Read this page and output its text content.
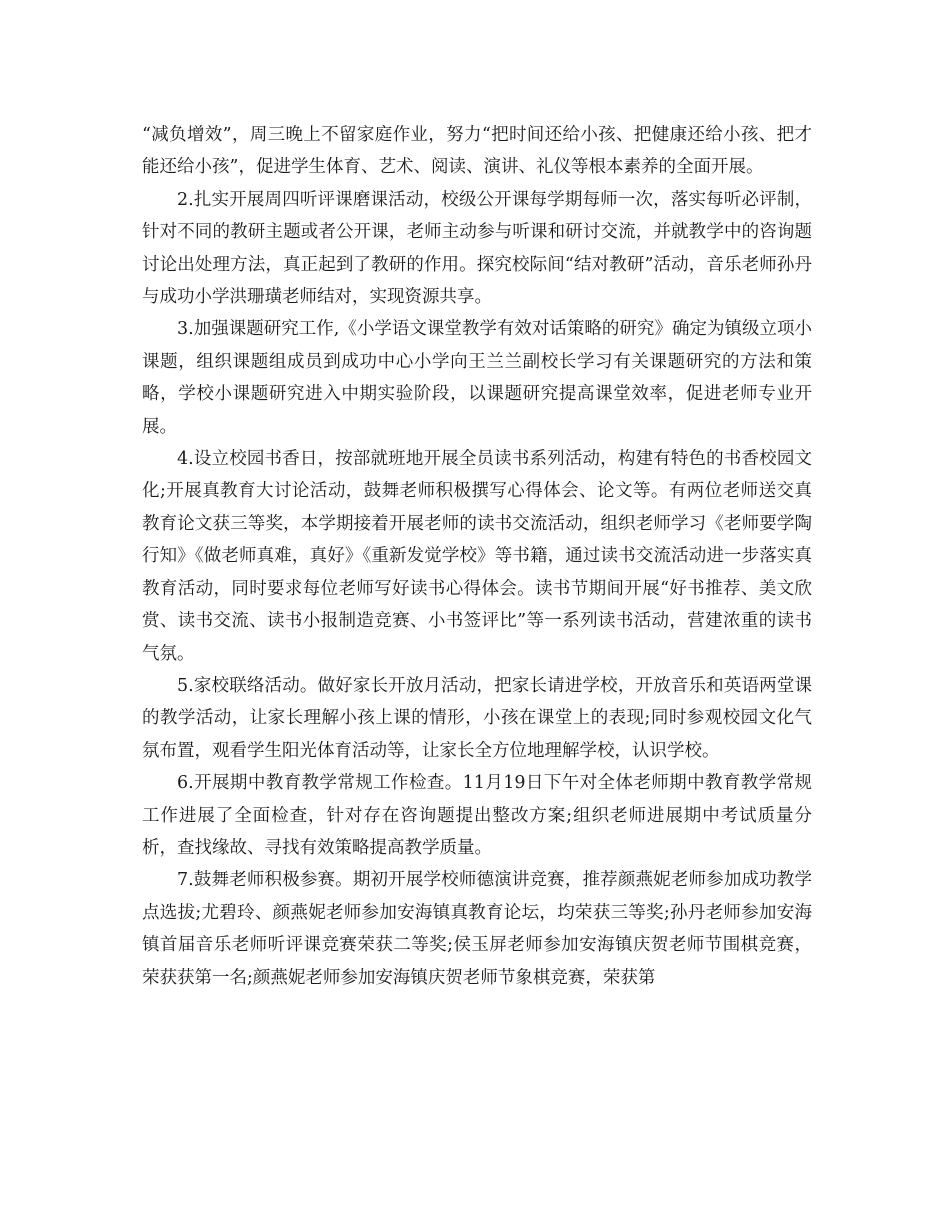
“减负增效”，周三晚上不留家庭作业，努力“把时间还给小孩、把健康还给小孩、把才能还给小孩”，促进学生体育、艺术、阅读、演讲、礼仪等根本素养的全面开展。

2.扎实开展周四听评课磨课活动，校级公开课每学期每师一次，落实每听必评制，针对不同的教研主题或者公开课，老师主动参与听课和研讨交流，并就教学中的咨询题讨论出处理方法，真正起到了教研的作用。探究校际间“结对教研”活动，音乐老师孙丹与成功小学洪珊璜老师结对，实现资源共享。

3.加强课题研究工作,《小学语文课堂教学有效对话策略的研究》确定为镇级立项小课题，组织课题组成员到成功中心小学向王兰兰副校长学习有关课题研究的方法和策略，学校小课题研究进入中期实验阶段，以课题研究提高课堂效率，促进老师专业开展。

4.设立校园书香日，按部就班地开展全员读书系列活动，构建有特色的书香校园文化;开展真教育大讨论活动，鼓舞老师积极撰写心得体会、论文等。有两位老师送交真教育论文获三等奖，本学期接着开展老师的读书交流活动，组织老师学习《老师要学陶行知》《做老师真难，真好》《重新发觉学校》等书籍，通过读书交流活动进一步落实真教育活动，同时要求每位老师写好读书心得体会。读书节期间开展“好书推荐、美文欣赏、读书交流、读书小报制造竞赛、小书签评比”等一系列读书活动，营建浓重的读书气氛。

5.家校联络活动。做好家长开放月活动，把家长请进学校，开放音乐和英语两堂课的教学活动，让家长理解小孩上课的情形，小孩在课堂上的表现;同时参观校园文化气氛布置，观看学生阳光体育活动等，让家长全方位地理解学校，认识学校。

6.开展期中教育教学常规工作检查。11月19日下午对全体老师期中教育教学常规工作进展了全面检查，针对存在咨询题提出整改方案;组织老师进展期中考试质量分析，查找缘故、寻找有效策略提高教学质量。

7.鼓舞老师积极参赛。期初开展学校师德演讲竞赛，推荐颜燕妮老师参加成功教学点选拔;尤碧玲、颜燕妮老师参加安海镇真教育论坛，均荣获三等奖;孙丹老师参加安海镇首届音乐老师听评课竞赛荣获二等奖;侯玉屏老师参加安海镇庆贺老师节围棋竞赛，荣获获第一名;颜燕妮老师参加安海镇庆贺老师节象棋竞赛，荣获第
